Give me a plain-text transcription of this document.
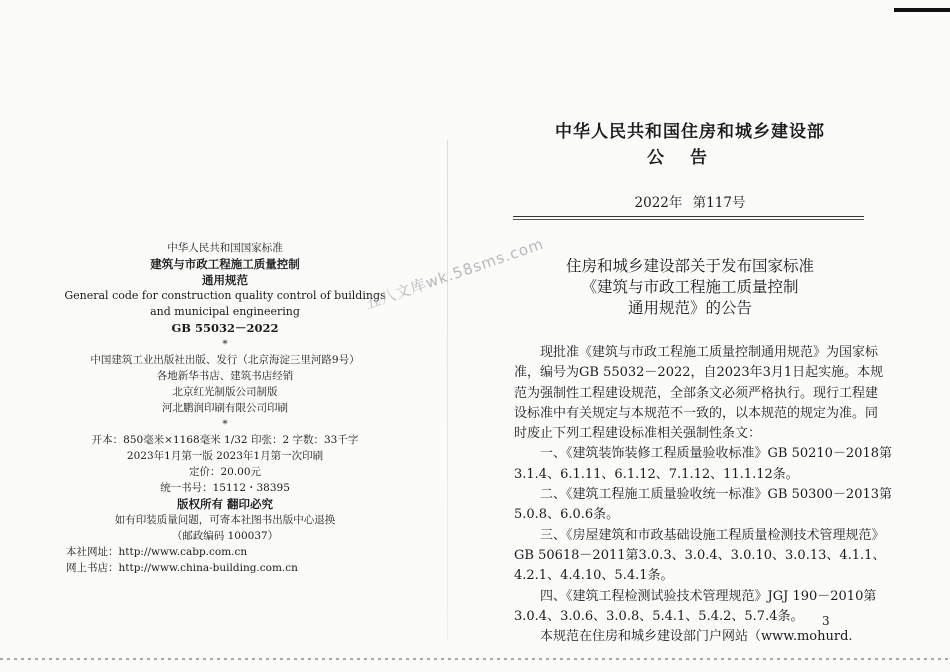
中华人民共和国国家标准
建筑与市政工程施工质量控制
通用规范
General code for construction quality control of buildings
and municipal engineering
GB 55032－2022
*
中国建筑工业出版社出版、发行（北京海淀三里河路9号）
各地新华书店、建筑书店经销
北京红光制版公司制版
河北鹏润印刷有限公司印刷
*
开本：850毫米×1168毫米 1/32 印张：2 字数：33千字
2023年1月第一版 2023年1月第一次印刷
定价：20.00元
统一书号：15112・38395
版权所有 翻印必究
如有印装质量问题，可寄本社图书出版中心退换
（邮政编码 100037）
本社网址：http://www.cabp.com.cn
网上书店：http://www.china-building.com.cn
中华人民共和国住房和城乡建设部
公告
2022年 第117号
住房和城乡建设部关于发布国家标准
《建筑与市政工程施工质量控制
通用规范》的公告
现批准《建筑与市政工程施工质量控制通用规范》为国家标
准，编号为GB 55032－2022，自2023年3月1日起实施。本规
范为强制性工程建设规范，全部条文必须严格执行。现行工程建
设标准中有关规定与本规范不一致的，以本规范的规定为准。同
时废止下列工程建设标准相关强制性条文：
一、《建筑装饰装修工程质量验收标准》GB 50210－2018第
3.1.4、6.1.11、6.1.12、7.1.12、11.1.12条。
二、《建筑工程施工质量验收统一标准》GB 50300－2013第
5.0.8、6.0.6条。
三、《房屋建筑和市政基础设施工程质量检测技术管理规范》
GB 50618－2011第3.0.3、3.0.4、3.0.10、3.0.13、4.1.1、
4.2.1、4.4.10、5.4.1条。
四、《建筑工程检测试验技术管理规范》JGJ 190－2010第
3.0.4、3.0.6、3.0.8、5.4.1、5.4.2、5.7.4条。
本规范在住房和城乡建设部门户网站（www.mohurd.
3
五八文库wk.58sms.com
